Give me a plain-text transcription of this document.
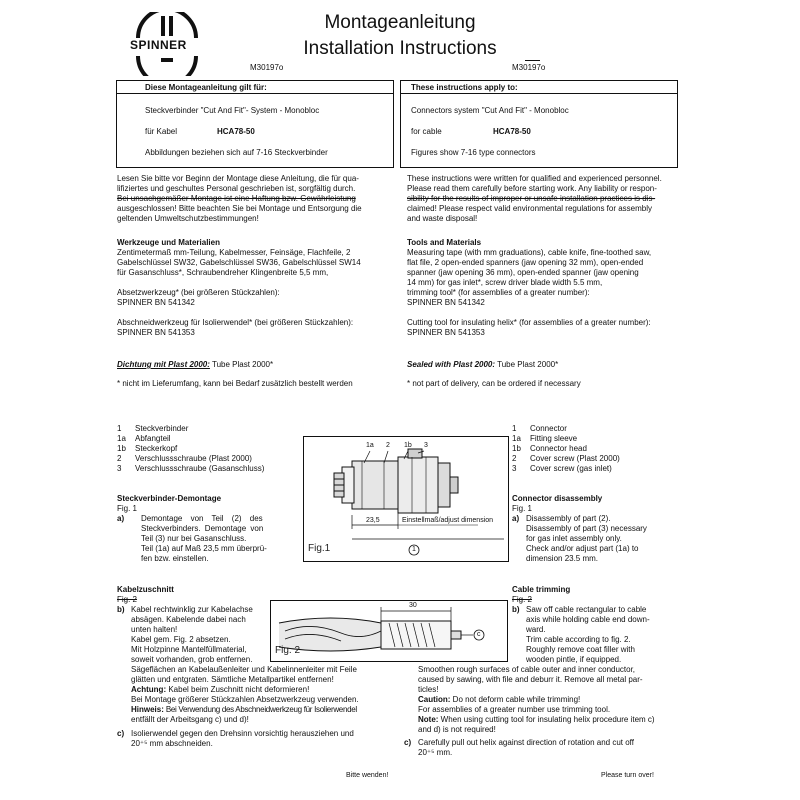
SPINNER
Montageanleitung
Installation Instructions
M30197o	M30197o
Diese Montageanleitung gilt für:
Steckverbinder "Cut And Fit"- System - Monobloc
für Kabel	HCA78-50
Abbildungen beziehen sich auf 7-16 Steckverbinder
These instructions apply to:
Connectors system "Cut And Fit" - Monobloc
for cable	HCA78-50
Figures show 7-16 type connectors
Lesen Sie bitte vor Beginn der Montage diese Anleitung, die für qua-
lifiziertes und geschultes Personal geschrieben ist, sorgfältig durch.
Bei unsachgemäßer Montage ist eine Haftung bzw. Gewährleistung
ausgeschlossen! Bitte beachten Sie bei Montage und Entsorgung die
geltenden Umweltschutzbestimmungen!
These instructions were written for qualified and experienced personnel.
Please read them carefully before starting work. Any liability or respon-
sibility for the results of improper or unsafe installation practices is dis-
claimed! Please respect valid environmental regulations for assembly
and waste disposal!
Werkzeuge und Materialien
Zentimetermaß mm-Teilung, Kabelmesser, Feinsäge, Flachfeile, 2
Gabelschlüssel SW32, Gabelschlüssel SW36, Gabelschlüssel SW14
für Gasanschluss*, Schraubendreher Klingenbreite 5,5 mm,
Absetzwerkzeug* (bei größeren Stückzahlen):
SPINNER BN 541342
Abschneidwerkzeug für Isolierwendel* (bei größeren Stückzahlen):
SPINNER BN 541353
Tools and Materials
Measuring tape (with mm graduations), cable knife, fine-toothed saw,
flat file, 2 open-ended spanners (jaw opening 32 mm), open-ended
spanner (jaw opening 36 mm), open-ended spanner (jaw opening
14 mm) for gas inlet*, screw driver blade width 5.5 mm,
trimming tool* (for assemblies of a greater number):
SPINNER BN 541342
Cutting tool for insulating helix* (for assemblies of a greater number):
SPINNER BN 541353
Dichtung mit Plast 2000: Tube Plast 2000*	Sealed with Plast 2000: Tube Plast 2000*
* nicht im Lieferumfang, kann bei Bedarf zusätzlich bestellt werden	* not part of delivery, can be ordered if necessary
1 Steckverbinder
1a Abfangteil
1b Steckerkopf
2 Verschlussschraube (Plast 2000)
3 Verschlussschraube (Gasanschluss)
1 Connector
1a Fitting sleeve
1b Connector head
2 Cover screw (Plast 2000)
3 Cover screw (gas inlet)
1a 2 1b 3
23,5	Einstellmaß/adjust dimension
1
Fig.1
Steckverbinder-Demontage
Fig. 1
a) Demontage von Teil (2) des
Steckverbinders. Demontage von
Teil (3) nur bei Gasanschluss.
Teil (1a) auf Maß 23,5 mm überprü-
fen bzw. einstellen.
Connector disassembly
Fig. 1
a) Disassembly of part (2).
Disassembly of part (3) necessary
for gas inlet assembly only.
Check and/or adjust part (1a) to
dimension 23.5 mm.
30
c
Fig. 2
Kabelzuschnitt
Fig. 2
b) Kabel rechtwinklig zur Kabelachse
absägen. Kabelende dabei nach
unten halten!
Kabel gem. Fig. 2 absetzen.
Mit Holzpinne Mantelfüllmaterial,
soweit vorhanden, grob entfernen.
Sägeflächen an Kabelaußenleiter und Kabelinnenleiter mit Feile
glätten und entgraten. Sämtliche Metallpartikel entfernen!
Achtung: Kabel beim Zuschnitt nicht deformieren!
Bei Montage größerer Stückzahlen Absetzwerkzeug verwenden.
Hinweis: Bei Verwendung des Abschneidwerkzeug für Isolierwendel
entfällt der Arbeitsgang c) und d)!
c) Isolierwendel gegen den Drehsinn vorsichtig herausziehen und
20⁺⁵ mm abschneiden.
Cable trimming
Fig. 2
b) Saw off cable rectangular to cable
axis while holding cable end down-
ward.
Trim cable according to fig. 2.
Roughly remove coat filler with
wooden pintle, if equipped.
Smoothen rough surfaces of cable outer and inner conductor,
caused by sawing, with file and deburr it. Remove all metal par-
ticles!
Caution: Do not deform cable while trimming!
For assemblies of a greater number use trimming tool.
Note: When using cutting tool for insulating helix procedure item c)
and d) is not required!
c) Carefully pull out helix against direction of rotation and cut off
20⁺⁵ mm.
Bitte wenden!	Please turn over!
